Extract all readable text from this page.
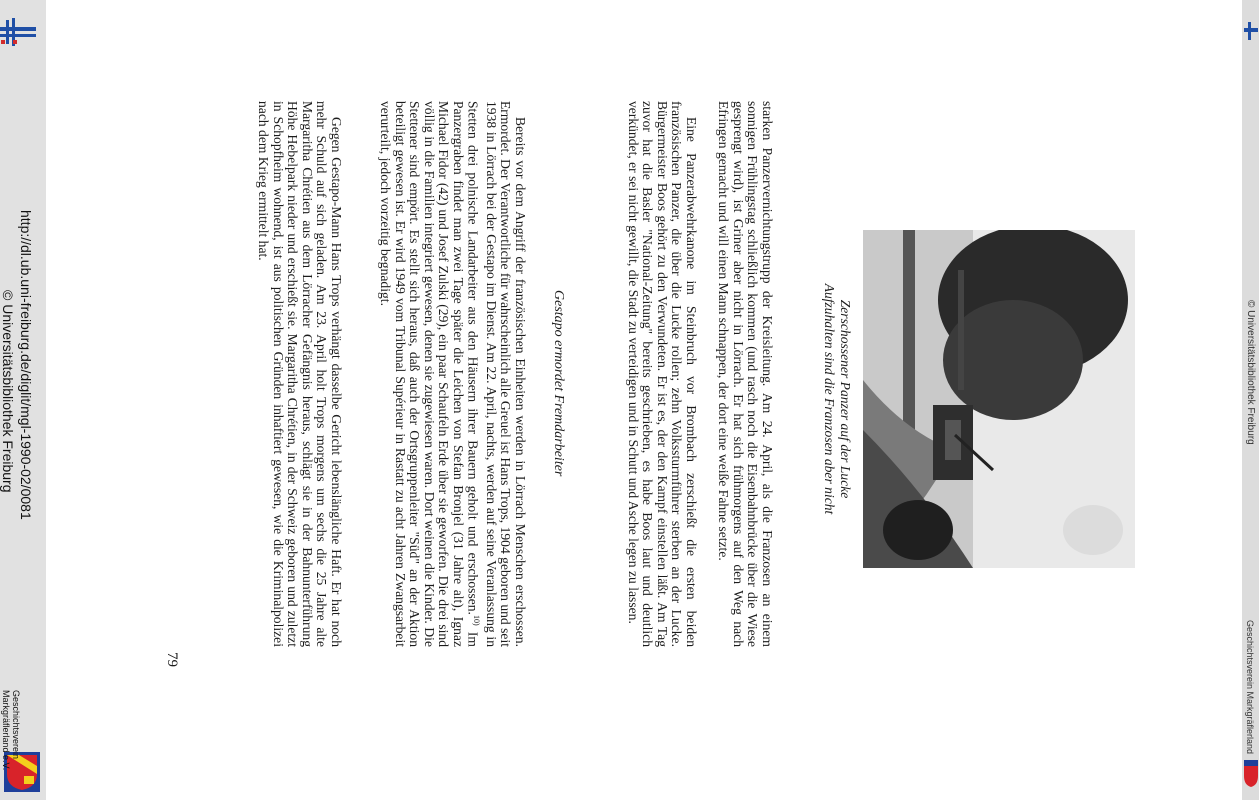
© Universitätsbibliothek Freiburg
Geschichtsverein Markgräflerland
http://dl.ub.uni-freiburg.de/diglit/mgl-1990-02/0081
© Universitätsbibliothek Freiburg
Geschichtsverein
Markgräflerland e.V.
Zerschossener Panzer auf der Lucke
Aufzuhalten sind die Franzosen aber nicht
starken Panzervernichtungstrupp der Kreisleitung. Am 24. April, als die Franzosen an einem sonnigen Frühlingstag schließlich kommen (und rasch noch die Eisenbahnbrücke über die Wiese gesprengt wird), ist Griner aber nicht in Lörrach. Er hat sich frühmorgens auf den Weg nach Efringen gemacht und will einen Mann schnappen, der dort eine weiße Fahne setzte.
Eine Panzerabwehrkanone im Steinbruch vor Brombach zerschießt die ersten beiden französischen Panzer, die über die Lucke rollen; zehn Volkssturmführer sterben an der Lucke. Bürgermeister Boos gehört zu den Verwundeten. Er ist es, der den Kampf einstellen läßt. Am Tag zuvor hat die Basler "National-Zeitung" bereits geschrieben, es habe Boos laut und deutlich verkündet, er sei nicht gewillt, die Stadt zu verteidigen und in Schutt und Asche legen zu lassen.
Gestapo ermordet Fremdarbeiter

Bereits vor dem Angriff der französischen Einheiten werden in Lörrach Menschen erschossen. Ermordet. Der Verantwortliche für wahrscheinlich alle Greuel ist Hans Trops, 1904 geboren und seit 1938 in Lörrach bei der Gestapo im Dienst. Am 22. April, nachts, werden auf seine Veranlassung in Stetten drei polnische Landarbeiter aus den Häusern ihrer Bauern geholt und erschossen.$^{10)}$ Im Panzergraben findet man zwei Tage später die Leichen von Stefan Bronjel (31 Jahre alt), Ignaz Michael Fidor (42) und Josef Zulski (29), ein paar Schaufeln Erde über sie geworfen. Die drei sind völlig in die Familien integriert gewesen, denen sie zugewiesen waren. Dort weinen die Kinder. Die Stettener sind empört. Es stellt sich heraus, daß auch der Ortsgruppenleiter "Süd" an der Aktion beteiligt gewesen ist. Er wird 1949 vom Tribunal Supérieur in Rastatt zu acht Jahren Zwangsarbeit verurteilt, jedoch vorzeitig begnadigt.

Gegen Gestapo-Mann Hans Trops verhängt dasselbe Gericht lebenslängliche Haft. Er hat noch mehr Schuld auf sich geladen. Am 23. April holt Trops morgens um sechs die 25 Jahre alte Margaritha Chrétien aus dem Lörracher Gefängnis heraus, schlägt sie in der Bahnunterführung Höhe Hebelpark nieder und erschießt sie. Margaritha Chrétien, in der Schweiz geboren und zuletzt in Schopfheim wohnend, ist aus politischen Gründen inhaftiert gewesen, wie die Kriminalpolizei nach dem Krieg ermittelt hat.

79
